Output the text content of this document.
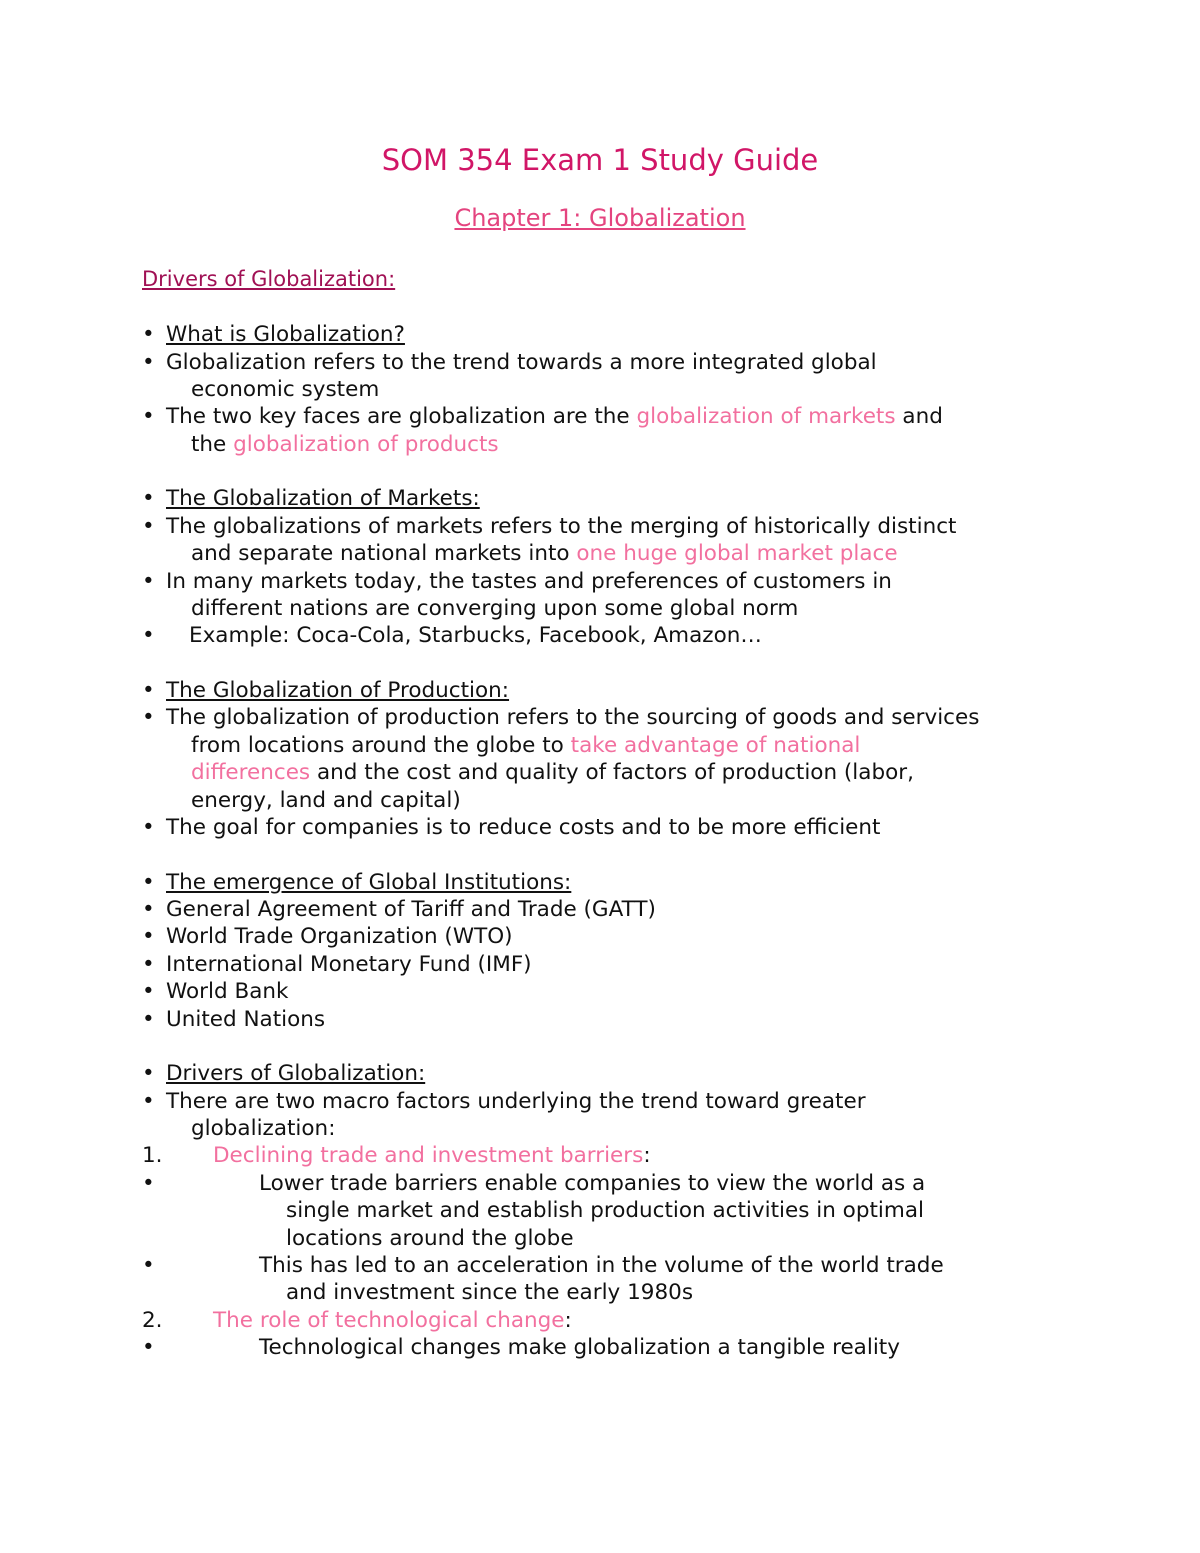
SOM 354 Exam 1 Study Guide
Chapter 1: Globalization
Drivers of Globalization:
• What is Globalization?
• Globalization refers to the trend towards a more integrated global
economic system
• The two key faces are globalization are the globalization of markets and
the globalization of products
• The Globalization of Markets:
• The globalizations of markets refers to the merging of historically distinct
and separate national markets into one huge global market place
• In many markets today, the tastes and preferences of customers in
different nations are converging upon some global norm
• Example: Coca-Cola, Starbucks, Facebook, Amazon…
• The Globalization of Production:
• The globalization of production refers to the sourcing of goods and services
from locations around the globe to take advantage of national
differences and the cost and quality of factors of production (labor,
energy, land and capital)
• The goal for companies is to reduce costs and to be more efficient
• The emergence of Global Institutions:
• General Agreement of Tariff and Trade (GATT)
• World Trade Organization (WTO)
• International Monetary Fund (IMF)
• World Bank
• United Nations
• Drivers of Globalization:
• There are two macro factors underlying the trend toward greater
globalization:
1. Declining trade and investment barriers:
•	Lower trade barriers enable companies to view the world as a
single market and establish production activities in optimal
locations around the globe
•	This has led to an acceleration in the volume of the world trade
and investment since the early 1980s
2. The role of technological change:
•	Technological changes make globalization a tangible reality
